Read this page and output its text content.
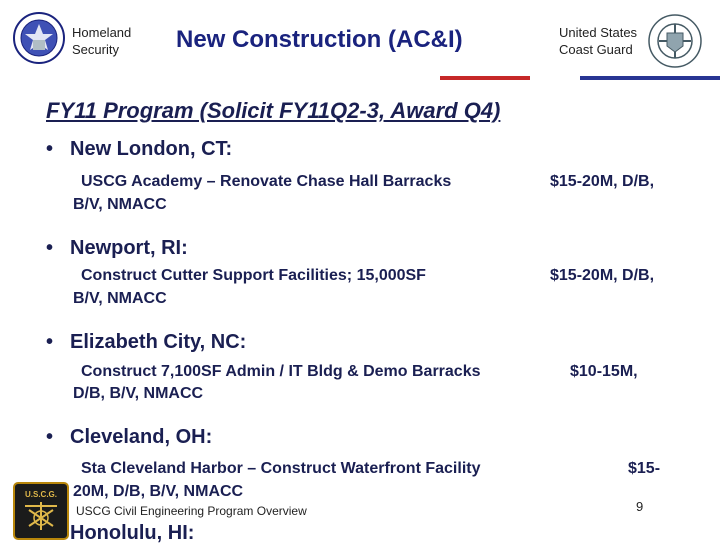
Homeland
Security	New Construction (AC&I)	United States
Coast Guard
FY11 Program (Solicit FY11Q2-3, Award Q4)
• New London, CT:
USCG Academy – Renovate Chase Hall Barracks	$15-20M, D/B,
B/V, NMACC
• Newport, RI:
Construct Cutter Support Facilities; 15,000SF	$15-20M, D/B,
B/V, NMACC
• Elizabeth City, NC:
Construct 7,100SF Admin / IT Bldg & Demo Barracks	$10-15M,
D/B, B/V, NMACC
• Cleveland, OH:
Sta Cleveland Harbor – Construct Waterfront Facility	$15-
20M, D/B, B/V, NMACC
Honolulu, HI:
U.S.C.G.
USCG Civil Engineering Program Overview	9
